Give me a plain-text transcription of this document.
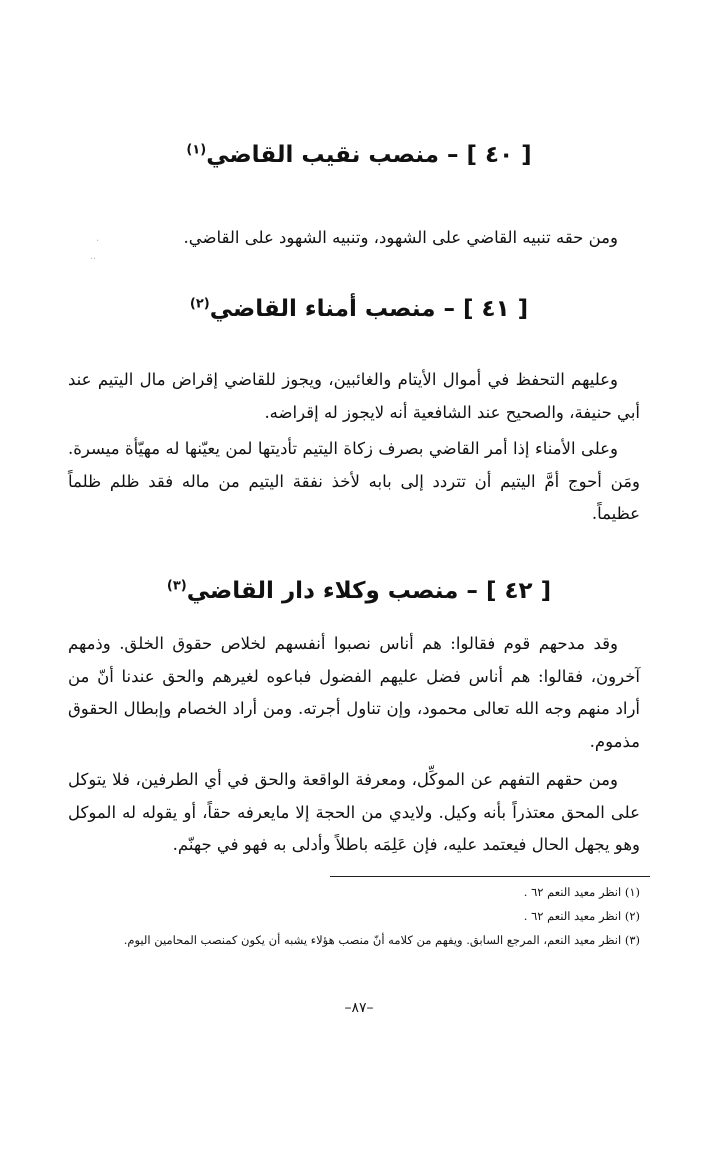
[ ٤٠ ] – منصب نقيب القاضي$^{(١)}$

ومن حقه تنبيه القاضي على الشهود، وتنبيه الشهود على القاضي.

[ ٤١ ] – منصب أمناء القاضي$^{(٢)}$

وعليهم التحفظ في أموال الأيتام والغائبين، ويجوز للقاضي إقراض مال اليتيم عند أبي حنيفة، والصحيح عند الشافعية أنه لايجوز له إقراضه.

وعلى الأمناء إذا أمر القاضي بصرف زكاة اليتيم تأديتها لمن يعيّنها له مهيّأة ميسرة. ومَن أحوج أمَّ اليتيم أن تتردد إلى بابه لأخذ نفقة اليتيم من ماله فقد ظلم ظلماً عظيماً.

[ ٤٢ ] – منصب وكلاء دار القاضي$^{(٣)}$

وقد مدحهم قوم فقالوا: هم أناس نصبوا أنفسهم لخلاص حقوق الخلق. وذمهم آخرون، فقالوا: هم أناس فضل عليهم الفضول فباعوه لغيرهم والحق عندنا أنّ من أراد منهم وجه الله تعالى محمود، وإن تناول أجرته. ومن أراد الخصام وإبطال الحقوق مذموم.

ومن حقهم التفهم عن الموكِّل، ومعرفة الواقعة والحق في أي الطرفين، فلا يتوكل على المحق معتذراً بأنه وكيل. ولايدي من الحجة إلا مايعرفه حقاً، أو يقوله له الموكل وهو يجهل الحال فيعتمد عليه، فإن عَلِمَه باطلاً وأدلى به فهو في جهنّم.

(١) انظر معيد النعم ٦٢ .
(٢) انظر معيد النعم ٦٢ .
(٣) انظر معيد النعم، المرجع السابق. ويفهم من كلامه أنّ منصب هؤلاء يشبه أن يكون كمنصب المحامين اليوم.
–٨٧–
·
··
